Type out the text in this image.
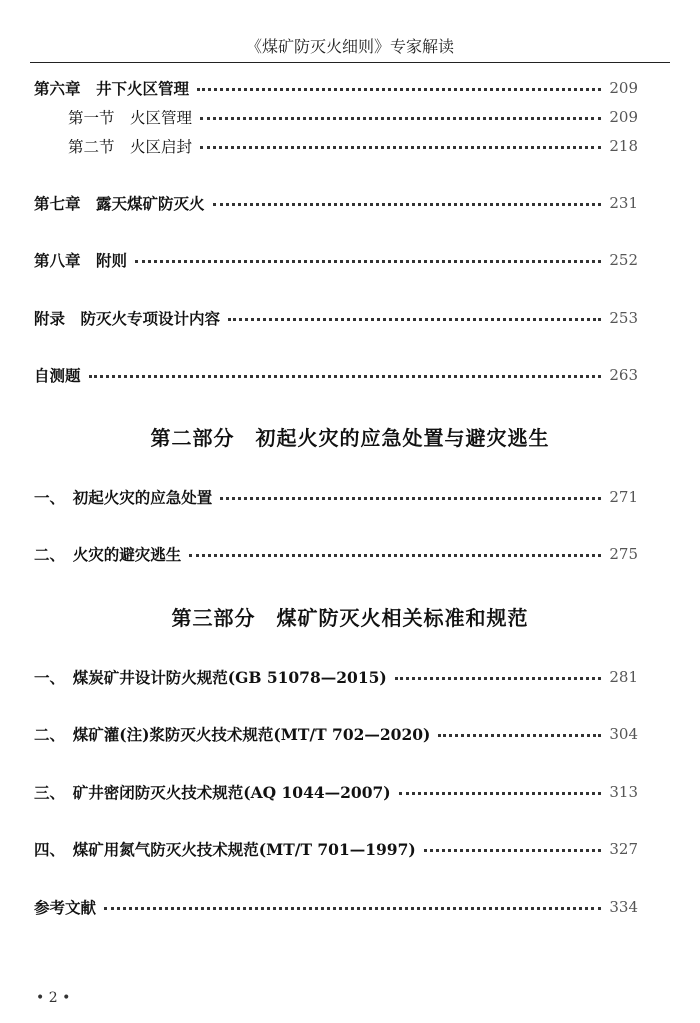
《煤矿防灭火细则》专家解读
第六章　井下火区管理	209
第一节　火区管理	209
第二节　火区启封	218
第七章　露天煤矿防灭火	231
第八章　附则	252
附录　防灭火专项设计内容	253
自测题	263
第二部分　初起火灾的应急处置与避灾逃生
一、　初起火灾的应急处置	271
二、　火灾的避灾逃生	275
第三部分　煤矿防灭火相关标准和规范
一、　煤炭矿井设计防火规范(GB 51078—2015)	281
二、　煤矿灌(注)浆防灭火技术规范(MT/T 702—2020)	304
三、　矿井密闭防灭火技术规范(AQ 1044—2007)	313
四、　煤矿用氮气防灭火技术规范(MT/T 701—1997)	327
参考文献	334
• 2 •
